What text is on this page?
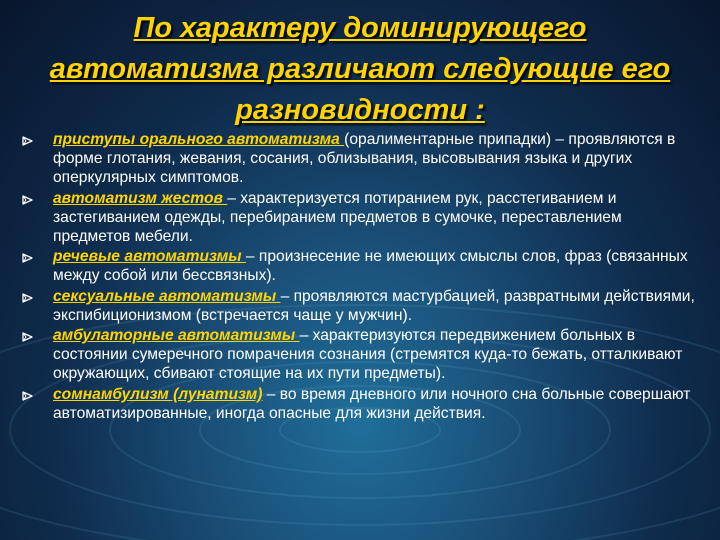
По характеру доминирующего автоматизма различают следующие его разновидности :
приступы орального автоматизма (оралиментарные припадки) – проявляются в форме глотания, жевания, сосания, облизывания, высовывания языка и других оперкулярных симптомов.
автоматизм жестов – характеризуется потиранием рук, расстегиванием и застегиванием одежды, перебиранием предметов в сумочке, переставлением предметов мебели.
речевые автоматизмы – произнесение не имеющих смыслы слов, фраз (связанных между собой или бессвязных).
сексуальные автоматизмы – проявляются мастурбацией, развратными действиями, экспибиционизмом (встречается чаще у мужчин).
амбулаторные автоматизмы – характеризуются передвижением больных в состоянии сумеречного помрачения сознания (стремятся куда-то бежать, отталкивают окружающих, сбивают стоящие на их пути предметы).
сомнамбулизм (лунатизм) – во время дневного или ночного сна больные совершают автоматизированные, иногда опасные для жизни действия.
